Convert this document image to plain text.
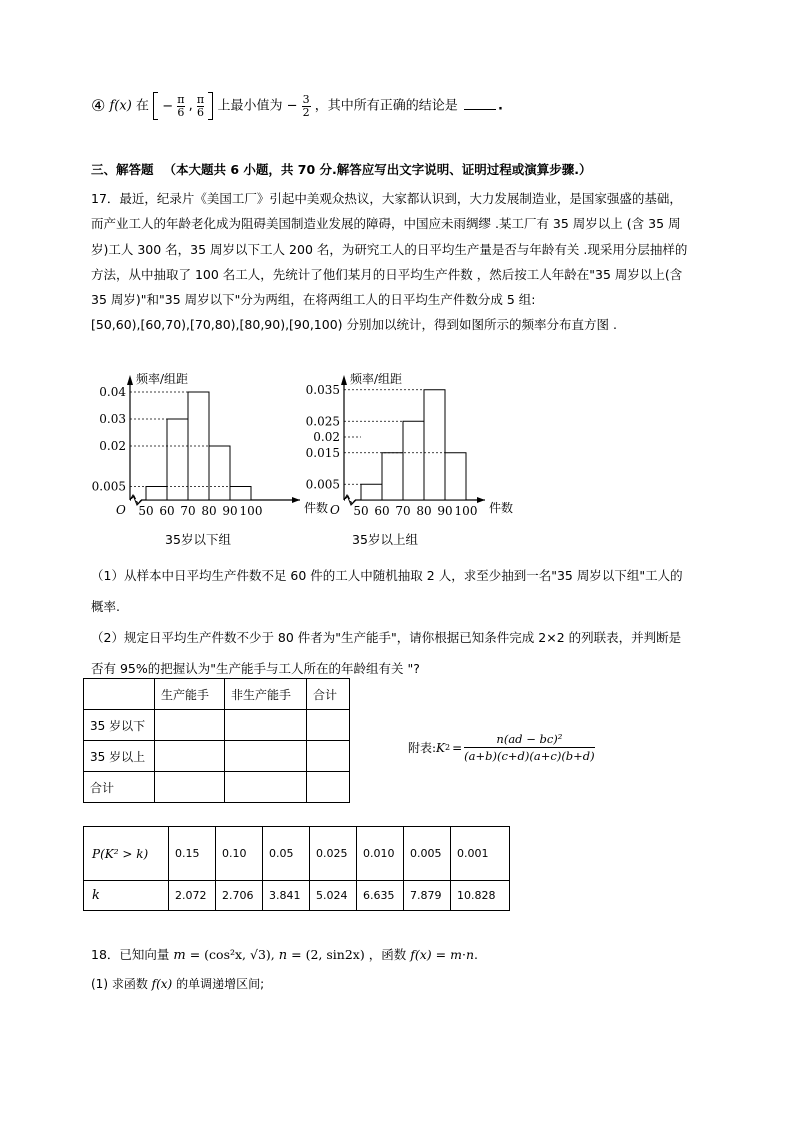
④ f(x) 在 − $\frac{\pi}{6}$ , $\frac{\pi}{6}$ 上最小值为 − $\frac{3}{2}$ ，其中所有正确的结论是	.
三、解答题 （本大题共 6 小题，共 70 分.解答应写出文字说明、证明过程或演算步骤.）
17．最近，纪录片《美国工厂》引起中美观众热议，大家都认识到，大力发展制造业，是国家强盛的基础，
而产业工人的年龄老化成为阻碍美国制造业发展的障碍，中国应未雨绸缪 .某工厂有 35 周岁以上 (含 35 周
岁)工人 300 名，35 周岁以下工人 200 名，为研究工人的日平均生产量是否与年龄有关 .现采用分层抽样的
方法，从中抽取了 100 名工人，先统计了他们某月的日平均生产件数 ，然后按工人年龄在"35 周岁以上(含
35 周岁)"和"35 周岁以下"分为两组，在将两组工人的日平均生产件数分成 5 组:
[50,60),[60,70),[70,80),[80,90),[90,100) 分别加以统计，得到如图所示的频率分布直方图 .
频率/组距
O	件数
0.005
0.02
0.03
0.04
50 60 70 80 90 100
35岁以下组
频率/组距
O	件数
0.005
0.015
0.02
0.025
0.035
50 60 70 80 90 100
35岁以上组
（1）从样本中日平均生产件数不足 60 件的工人中随机抽取 2 人，求至少抽到一名"35 周岁以下组"工人的
概率.
（2）规定日平均生产件数不少于 80 件者为"生产能手"，请你根据已知条件完成 2×2 的列联表，并判断是
否有 95%的把握认为"生产能手与工人所在的年龄组有关 "?
	生产能手	非生产能手	合计
35 岁以下			
35 岁以上			
合计			
附表: K $2 = \frac{\text{n(ad − bc)²}}{(a+b)(c+d)(a+c)(b+d)}$
P(K² > k)	0.15	0.10	0.05	0.025	0.010	0.005	0.001
k	2.072	2.706	3.841	5.024	6.635	7.879	10.828
18．已知向量 m = (cos²x, √3), n = (2, sin2x) ，函数 f(x) = m·n.
(1) 求函数 f(x) 的单调递增区间;
